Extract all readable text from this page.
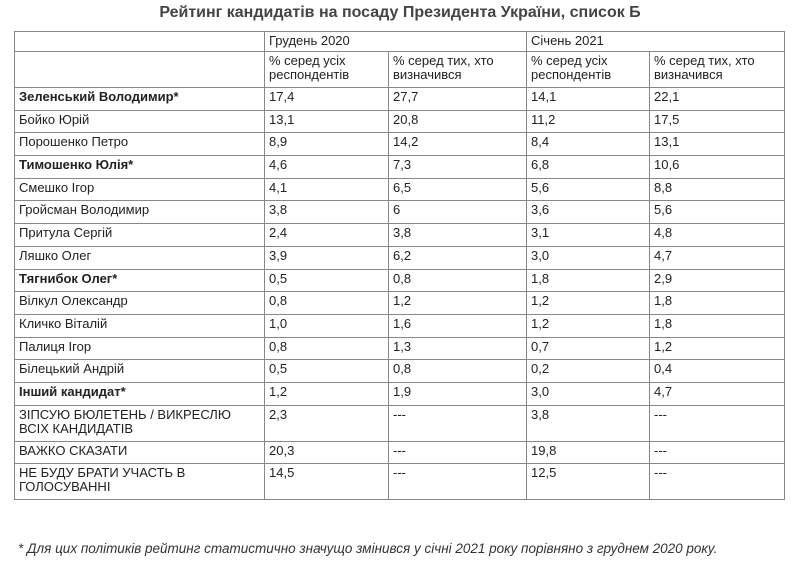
Рейтинг кандидатів на посаду Президента України, список Б
	Грудень 2020		Січень 2021	
	% серед усіх респондентів	% серед тих, хто визначився	% серед усіх респондентів	% серед тих, хто визначився
Зеленський Володимир*	17,4	27,7	14,1	22,1
Бойко Юрій	13,1	20,8	11,2	17,5
Порошенко Петро	8,9	14,2	8,4	13,1
Тимошенко Юлія*	4,6	7,3	6,8	10,6
Смешко Ігор	4,1	6,5	5,6	8,8
Гройсман Володимир	3,8	6	3,6	5,6
Притула Сергій	2,4	3,8	3,1	4,8
Ляшко Олег	3,9	6,2	3,0	4,7
Тягнибок Олег*	0,5	0,8	1,8	2,9
Вілкул Олександр	0,8	1,2	1,2	1,8
Кличко Віталій	1,0	1,6	1,2	1,8
Палиця Ігор	0,8	1,3	0,7	1,2
Білецький Андрій	0,5	0,8	0,2	0,4
Інший кандидат*	1,2	1,9	3,0	4,7
ЗІПСУЮ БЮЛЕТЕНЬ / ВИКРЕСЛЮ ВСІХ КАНДИДАТІВ	2,3	---	3,8	---
ВАЖКО СКАЗАТИ	20,3	---	19,8	---
НЕ БУДУ БРАТИ УЧАСТЬ В ГОЛОСУВАННІ	14,5	---	12,5	---
* Для цих політиків рейтинг статистично значущо змінився у січні 2021 року порівняно з груднем 2020 року.
